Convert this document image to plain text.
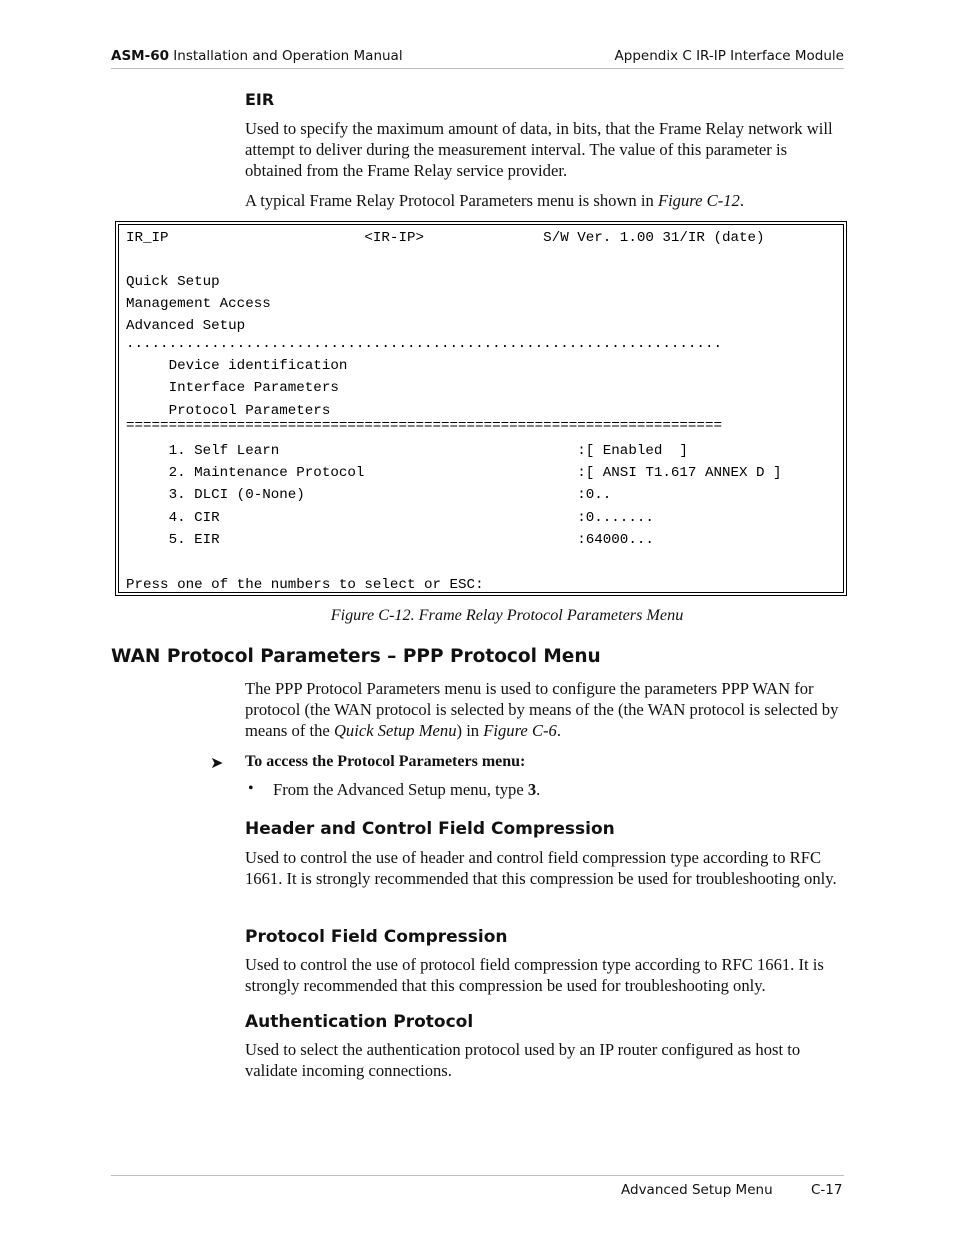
ASM-60 Installation and Operation Manual	Appendix C IR-IP Interface Module
EIR
Used to specify the maximum amount of data, in bits, that the Frame Relay network will attempt to deliver during the measurement interval. The value of this parameter is obtained from the Frame Relay service provider.
A typical Frame Relay Protocol Parameters menu is shown in Figure C-12.
IR_IP                       <IR-IP>              S/W Ver. 1.00 31/IR (date)
Quick Setup
Management Access
Advanced Setup
......................................................................
Device identification
Interface Parameters
Protocol Parameters
======================================================================
1. Self Learn                                   :[ Enabled  ]
2. Maintenance Protocol                         :[ ANSI T1.617 ANNEX D ]
3. DLCI (0-None)                                :0..
4. CIR                                          :0.......
5. EIR                                          :64000...
Press one of the numbers to select or ESC:
Figure C-12. Frame Relay Protocol Parameters Menu
WAN Protocol Parameters – PPP Protocol Menu
The PPP Protocol Parameters menu is used to configure the parameters PPP WAN for protocol (the WAN protocol is selected by means of the (the WAN protocol is selected by means of the Quick Setup Menu) in Figure C-6.
➤ To access the Protocol Parameters menu:
• From the Advanced Setup menu, type 3.
Header and Control Field Compression
Used to control the use of header and control field compression type according to RFC 1661. It is strongly recommended that this compression be used for troubleshooting only.
Protocol Field Compression
Used to control the use of protocol field compression type according to RFC 1661. It is strongly recommended that this compression be used for troubleshooting only.
Authentication Protocol
Used to select the authentication protocol used by an IP router configured as host to validate incoming connections.
Advanced Setup Menu	C-17
